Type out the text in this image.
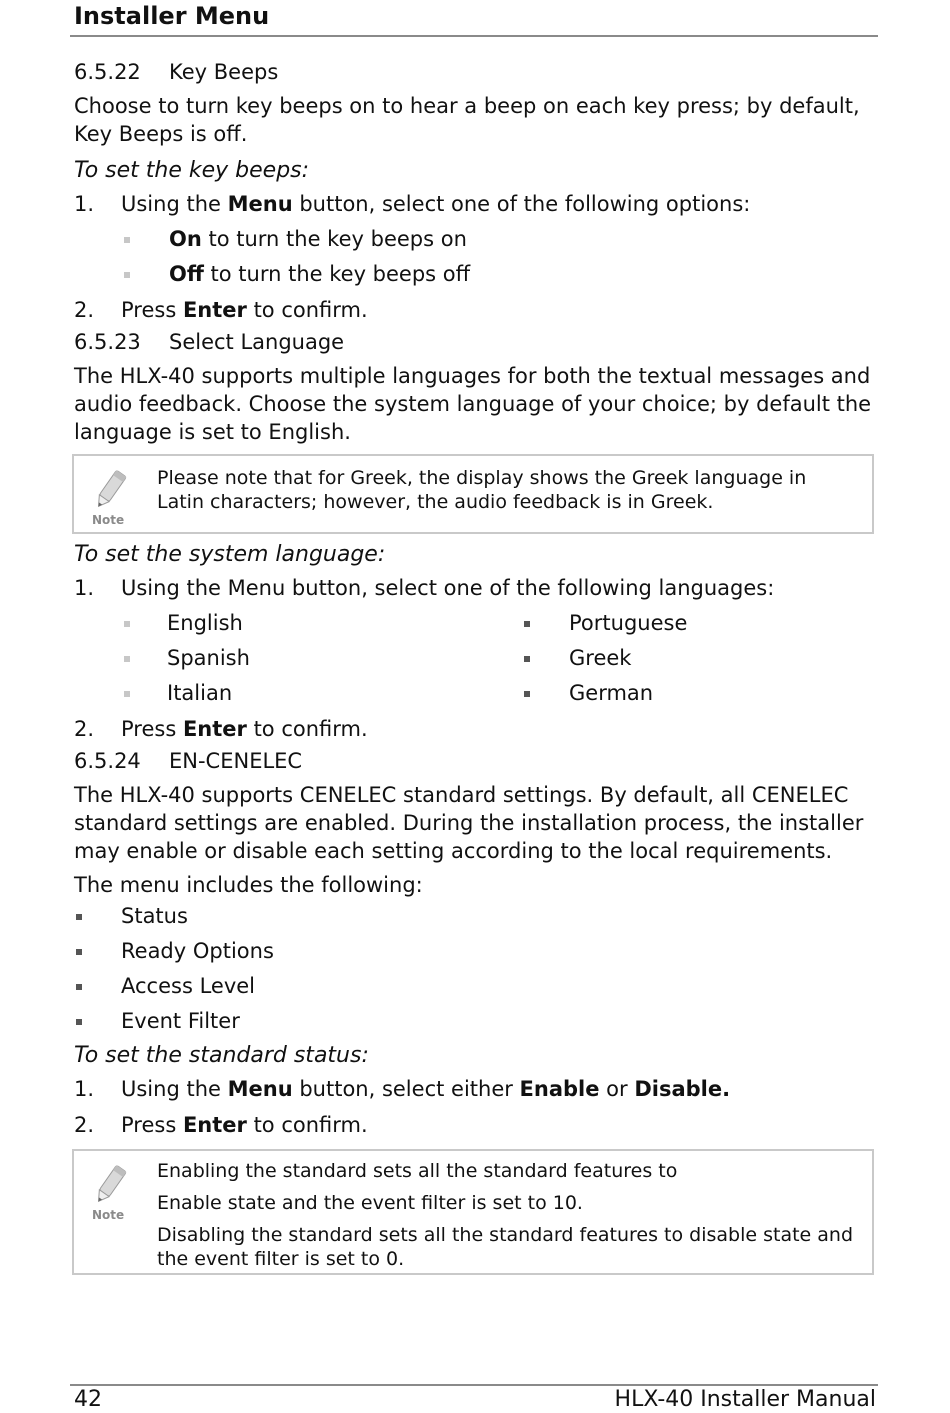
Installer Menu
6.5.22 Key Beeps

Choose to turn key beeps on to hear a beep on each key press; by default, Key Beeps is off.

To set the key beeps:
1. Using the Menu button, select one of the following options:
On to turn the key beeps on
Off to turn the key beeps off
2. Press Enter to confirm.
6.5.23 Select Language

The HLX-40 supports multiple languages for both the textual messages and audio feedback. Choose the system language of your choice; by default the language is set to English.

Note
Please note that for Greek, the display shows the Greek language in Latin characters; however, the audio feedback is in Greek.
To set the system language:
1. Using the Menu button, select one of the following languages:
English	Portuguese
Spanish	Greek
Italian	German
2. Press Enter to confirm.
6.5.24 EN-CENELEC

The HLX-40 supports CENELEC standard settings. By default, all CENELEC standard settings are enabled. During the installation process, the installer may enable or disable each setting according to the local requirements.

The menu includes the following:

Status
Ready Options
Access Level
Event Filter
To set the standard status:
1. Using the Menu button, select either Enable or Disable.
2. Press Enter to confirm.
Note
Enabling the standard sets all the standard features to
Enable state and the event filter is set to 10.
Disabling the standard sets all the standard features to disable state and the event filter is set to 0.
42	HLX-40 Installer Manual
